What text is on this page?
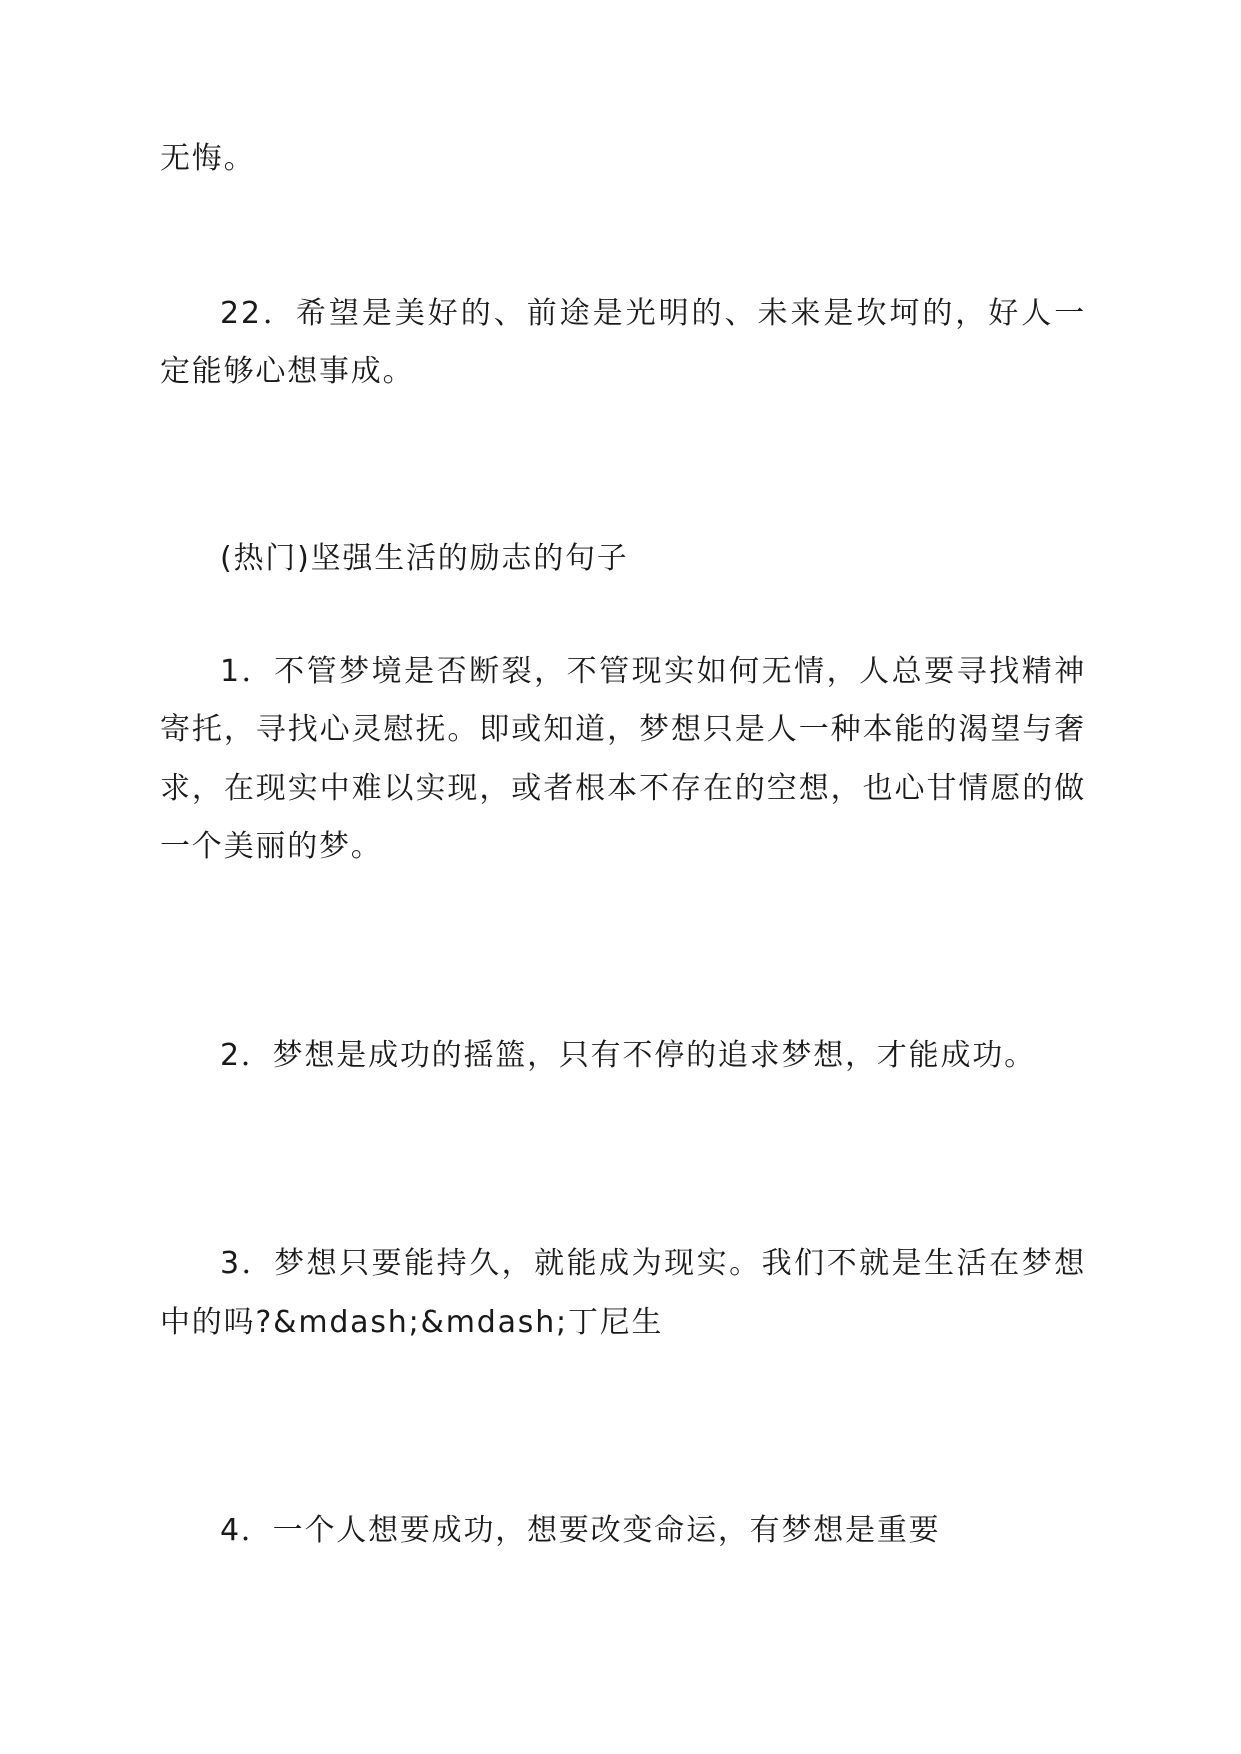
无悔。

22．希望是美好的、前途是光明的、未来是坎坷的，好人一定能够心想事成。

(热门)坚强生活的励志的句子

1．不管梦境是否断裂，不管现实如何无情，人总要寻找精神寄托，寻找心灵慰抚。即或知道，梦想只是人一种本能的渴望与奢求，在现实中难以实现，或者根本不存在的空想，也心甘情愿的做一个美丽的梦。

2．梦想是成功的摇篮，只有不停的追求梦想，才能成功。

3．梦想只要能持久，就能成为现实。我们不就是生活在梦想中的吗?&mdash;&mdash;丁尼生

4．一个人想要成功，想要改变命运，有梦想是重要
